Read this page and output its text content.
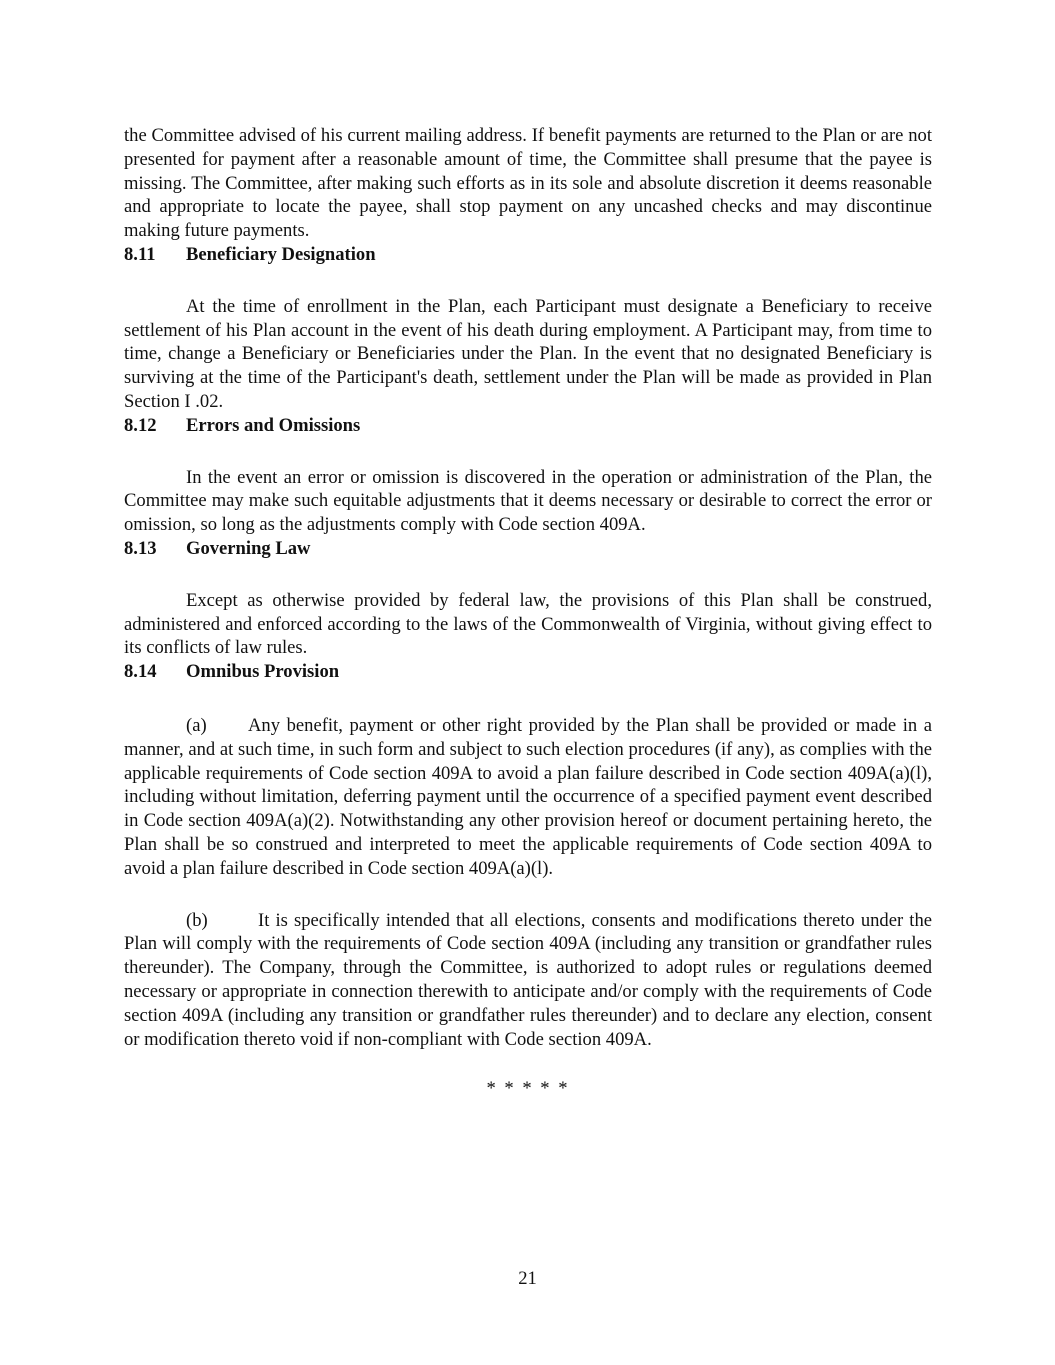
the Committee advised of his current mailing address. If benefit payments are returned to the Plan or are not presented for payment after a reasonable amount of time, the Committee shall presume that the payee is missing. The Committee, after making such efforts as in its sole and absolute discretion it deems reasonable and appropriate to locate the payee, shall stop payment on any uncashed checks and may discontinue making future payments.

8.11	Beneficiary Designation

At the time of enrollment in the Plan, each Participant must designate a Beneficiary to receive settlement of his Plan account in the event of his death during employment. A Participant may, from time to time, change a Beneficiary or Beneficiaries under the Plan. In the event that no designated Beneficiary is surviving at the time of the Participant's death, settlement under the Plan will be made as provided in Plan Section I .02.

8.12	Errors and Omissions

In the event an error or omission is discovered in the operation or administration of the Plan, the Committee may make such equitable adjustments that it deems necessary or desirable to correct the error or omission, so long as the adjustments comply with Code section 409A.

8.13	Governing Law

Except as otherwise provided by federal law, the provisions of this Plan shall be construed, administered and enforced according to the laws of the Commonwealth of Virginia, without giving effect to its conflicts of law rules.

8.14	Omnibus Provision

(a) Any benefit, payment or other right provided by the Plan shall be provided or made in a manner, and at such time, in such form and subject to such election procedures (if any), as complies with the applicable requirements of Code section 409A to avoid a plan failure described in Code section 409A(a)(l), including without limitation, deferring payment until the occurrence of a specified payment event described in Code section 409A(a)(2). Notwithstanding any other provision hereof or document pertaining hereto, the Plan shall be so construed and interpreted to meet the applicable requirements of Code section 409A to avoid a plan failure described in Code section 409A(a)(l).

(b)	It is specifically intended that all elections, consents and modifications thereto under the Plan will comply with the requirements of Code section 409A (including any transition or grandfather rules thereunder). The Company, through the Committee, is authorized to adopt rules or regulations deemed necessary or appropriate in connection therewith to anticipate and/or comply with the requirements of Code section 409A (including any transition or grandfather rules thereunder) and to declare any election, consent or modification thereto void if non-compliant with Code section 409A.

* * * * *

21
